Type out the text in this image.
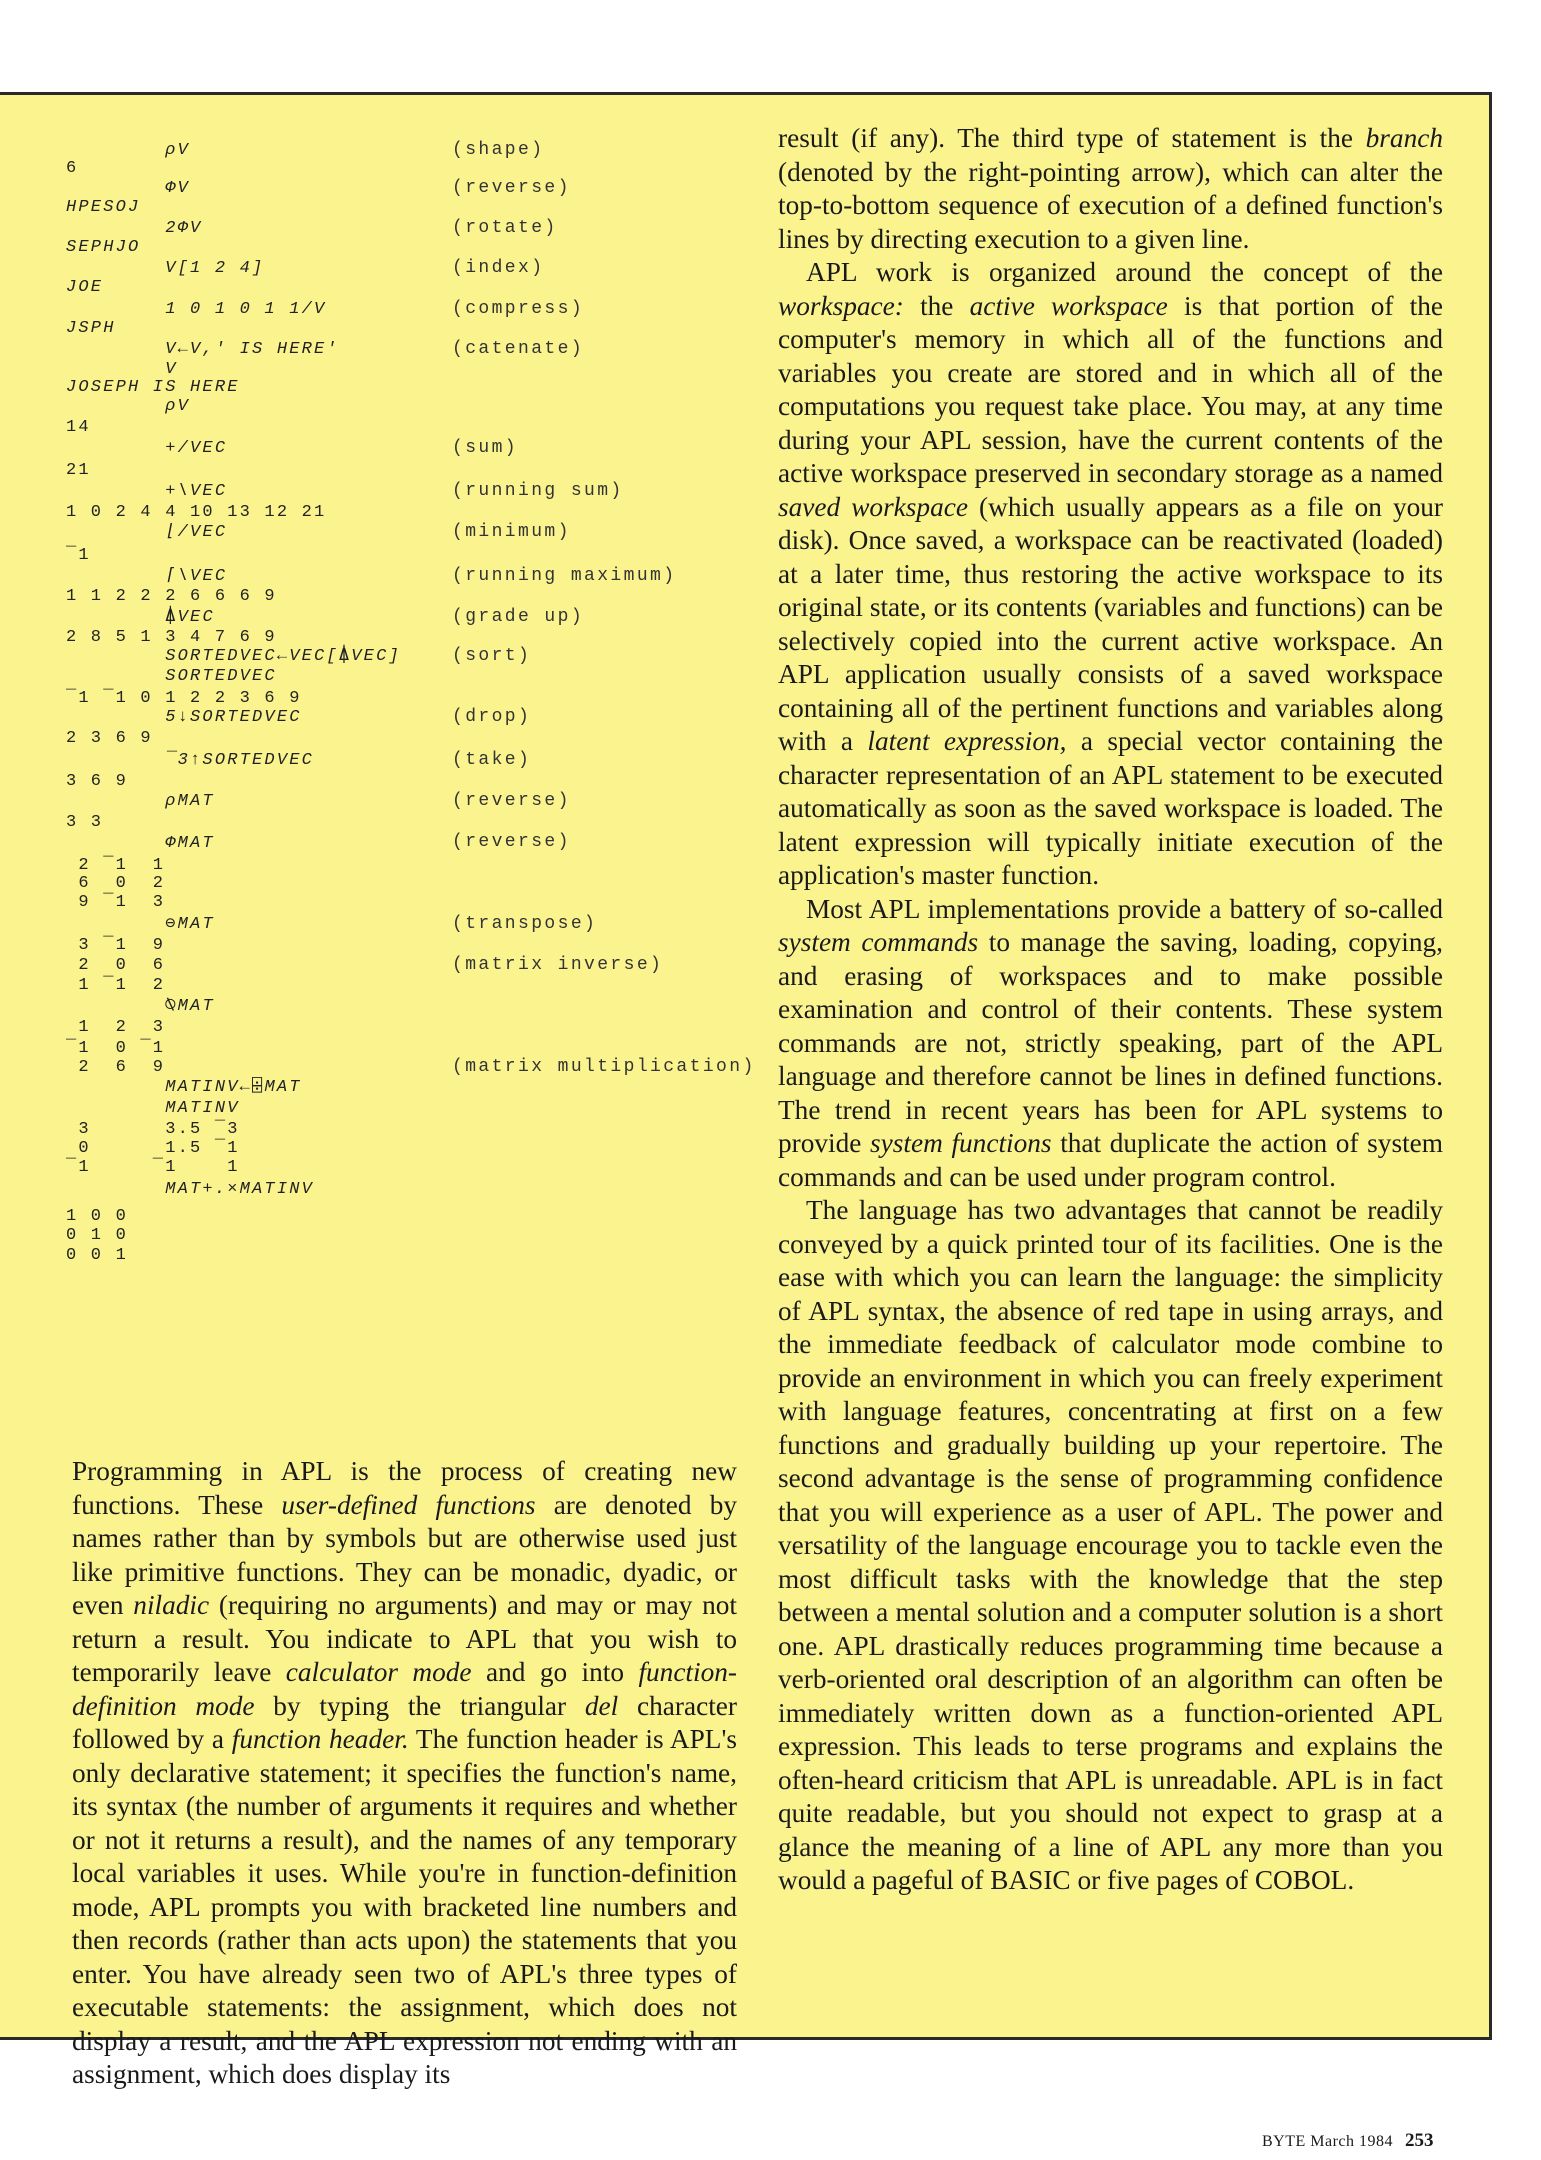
ρV
6
ΦV
HPESOJ
2ΦV
SEPHJO
V[1 2 4]
JOE
1 0 1 0 1 1/V
JSPH
V←V,' IS HERE'
V
JOSEPH IS HERE
ρV
14
+/VEC
21
+\VEC
1 0 2 4 4 10 13 12 21
⌊/VEC
¯1
⌈\VEC
1 1 2 2 2 6 6 6 9
⍋VEC
2 8 5 1 3 4 7 6 9
SORTEDVEC←VEC[⍋VEC]
SORTEDVEC
¯1 ¯1 0 1 2 2 3 6 9
5↓SORTEDVEC
2 3 6 9
¯3↑SORTEDVEC
3 6 9
ρMAT
3 3
ΦMAT
2 ¯1  1
6  0  2
9 ¯1  3
⊖MAT
3 ¯1  9
2  0  6
1 ¯1  2
⍉MAT
1  2  3
¯1  0 ¯1
2  6  9
MATINV←⌹MAT
MATINV
3      3.5 ¯3
0      1.5 ¯1
¯1     ¯1    1
MAT+.×MATINV
1 0 0
0 1 0
0 0 1
(shape)
(reverse)
(rotate)
(index)
(compress)
(catenate)
(sum)
(running sum)
(minimum)
(running maximum)
(grade up)
(sort)
(drop)
(take)
(reverse)
(reverse)
(transpose)
(matrix inverse)
(matrix multiplication)

Programming in APL is the process of creating new functions. These user-defined functions are denoted by names rather than by symbols but are otherwise used just like primitive functions. They can be monadic, dyadic, or even niladic (requiring no arguments) and may or may not return a result. You indicate to APL that you wish to temporarily leave calculator mode and go into function-definition mode by typing the triangular del character followed by a function header. The function header is APL's only declarative statement; it specifies the function's name, its syntax (the number of arguments it requires and whether or not it returns a result), and the names of any temporary local variables it uses. While you're in function-definition mode, APL prompts you with bracketed line numbers and then records (rather than acts upon) the statements that you enter. You have already seen two of APL's three types of executable statements: the assignment, which does not display a result, and the APL expression not ending with an assignment, which does display its

result (if any). The third type of statement is the branch (denoted by the right-pointing arrow), which can alter the top-to-bottom sequence of execution of a defined function's lines by directing execution to a given line.

APL work is organized around the concept of the workspace: the active workspace is that portion of the computer's memory in which all of the functions and variables you create are stored and in which all of the computations you request take place. You may, at any time during your APL session, have the current contents of the active workspace preserved in secondary storage as a named saved workspace (which usually appears as a file on your disk). Once saved, a workspace can be reactivated (loaded) at a later time, thus restoring the active workspace to its original state, or its contents (variables and functions) can be selectively copied into the current active workspace. An APL application usually consists of a saved workspace containing all of the pertinent functions and variables along with a latent expression, a special vector containing the character representation of an APL statement to be executed automatically as soon as the saved workspace is loaded. The latent expression will typically initiate execution of the application's master function.

Most APL implementations provide a battery of so-called system commands to manage the saving, loading, copying, and erasing of workspaces and to make possible examination and control of their contents. These system commands are not, strictly speaking, part of the APL language and therefore cannot be lines in defined functions. The trend in recent years has been for APL systems to provide system functions that duplicate the action of system commands and can be used under program control.

The language has two advantages that cannot be readily conveyed by a quick printed tour of its facilities. One is the ease with which you can learn the language: the simplicity of APL syntax, the absence of red tape in using arrays, and the immediate feedback of calculator mode combine to provide an environment in which you can freely experiment with language features, concentrating at first on a few functions and gradually building up your repertoire. The second advantage is the sense of programming confidence that you will experience as a user of APL. The power and versatility of the language encourage you to tackle even the most difficult tasks with the knowledge that the step between a mental solution and a computer solution is a short one. APL drastically reduces programming time because a verb-oriented oral description of an algorithm can often be immediately written down as a function-oriented APL expression. This leads to terse programs and explains the often-heard criticism that APL is unreadable. APL is in fact quite readable, but you should not expect to grasp at a glance the meaning of a line of APL any more than you would a pageful of BASIC or five pages of COBOL.

BYTE March 1984 253
